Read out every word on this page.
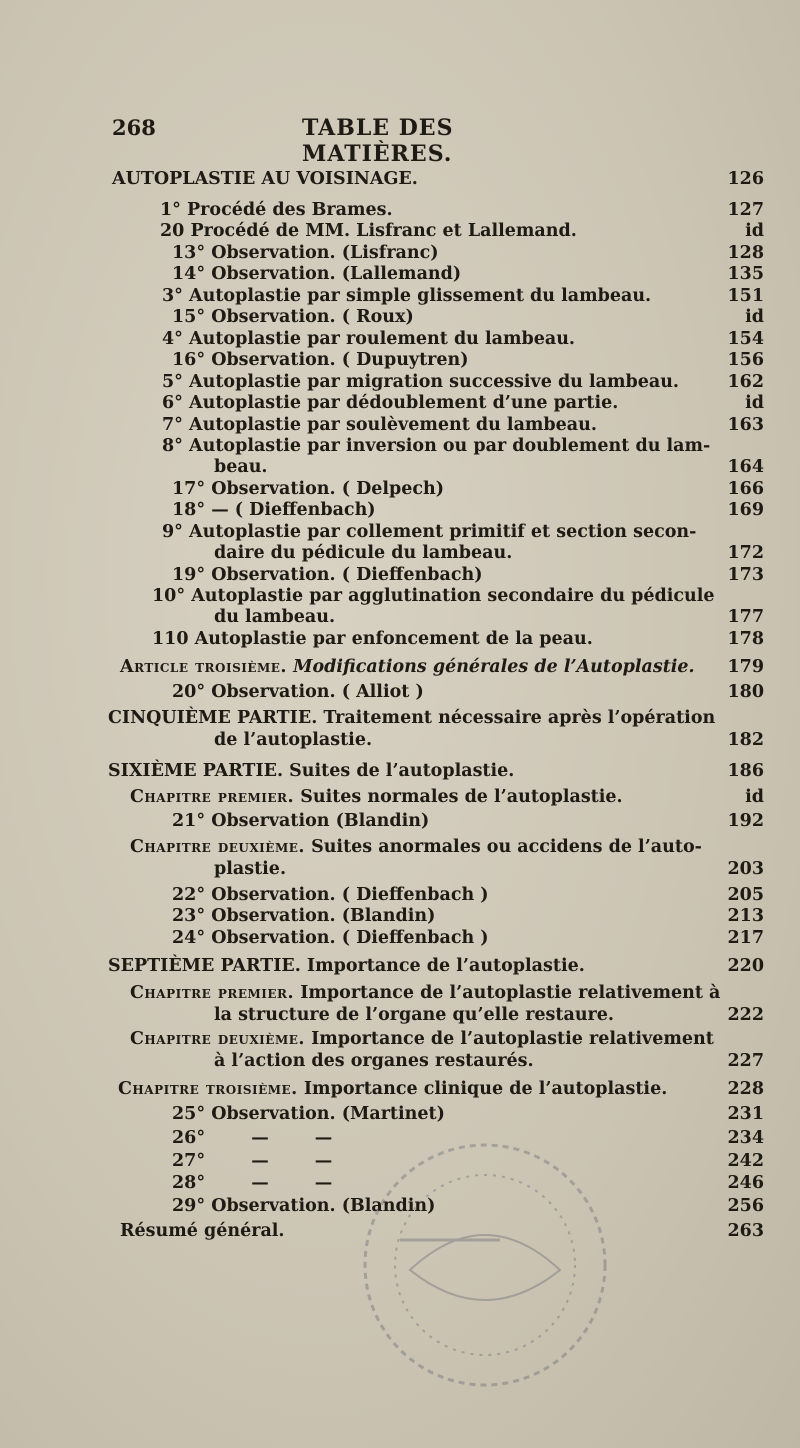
268	TABLE DES MATIÈRES.
AUTOPLASTIE AU VOISINAGE.	126
1° Procédé des Brames.	127
20 Procédé de MM. Lisfranc et Lallemand.	id
13° Observation. (Lisfranc)	128
14° Observation. (Lallemand)	135
3° Autoplastie par simple glissement du lambeau.	151
15° Observation. ( Roux)	id
4° Autoplastie par roulement du lambeau.	154
16° Observation. ( Dupuytren)	156
5° Autoplastie par migration successive du lambeau.	162
6° Autoplastie par dédoublement d’une partie.	id
7° Autoplastie par soulèvement du lambeau.	163
8° Autoplastie par inversion ou par doublement du lam-
beau.	164
17° Observation. ( Delpech)	166
18° — ( Dieffenbach)	169
9° Autoplastie par collement primitif et section secon-
daire du pédicule du lambeau.	172
19° Observation. ( Dieffenbach)	173
10° Autoplastie par agglutination secondaire du pédicule
du lambeau.	177
110 Autoplastie par enfoncement de la peau.	178
Article troisième. Modifications générales de l’Autoplastie. 179
20° Observation. ( Alliot )	180
CINQUIÈME PARTIE. Traitement nécessaire après l’opération
de l’autoplastie.	182
SIXIÈME PARTIE. Suites de l’autoplastie.	186
Chapitre premier. Suites normales de l’autoplastie.	id
21° Observation (Blandin)	192
Chapitre deuxième. Suites anormales ou accidens de l’auto-
plastie.	203
22° Observation. ( Dieffenbach )	205
23° Observation. (Blandin)	213
24° Observation. ( Dieffenbach )	217
SEPTIÈME PARTIE. Importance de l’autoplastie.	220
Chapitre premier. Importance de l’autoplastie relativement à
la structure de l’organe qu’elle restaure.	222
Chapitre deuxième. Importance de l’autoplastie relativement
à l’action des organes restaurés.	227
Chapitre troisième. Importance clinique de l’autoplastie.	228
25° Observation. (Martinet)	231
26° — —	234
27° — —	242
28° — —	246
29° Observation. (Blandin)	256
Résumé général.	263
